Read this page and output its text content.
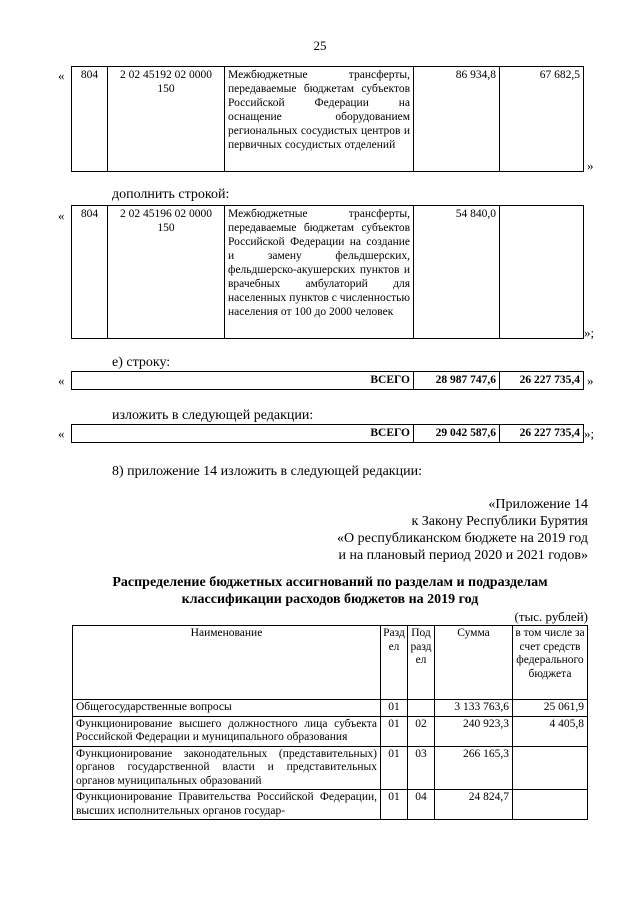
25
« 804	2 02 45192 02 0000 150	Межбюджетные трансферты, передаваемые бюджетам субъектов Российской Федерации на оснащение оборудованием региональных сосудистых центров и первичных сосудистых отделений	86 934,8	67 682,5
»
дополнить строкой:
« 804	2 02 45196 02 0000 150	Межбюджетные трансферты, передаваемые бюджетам субъектов Российской Федерации на создание и замену фельдшерских, фельдшерско-акушерских пунктов и врачебных амбулаторий для населенных пунктов с численностью населения от 100 до 2000 человек	54 840,0	
»;
е) строку:
«	ВСЕГО	28 987 747,6	26 227 735,4 »
изложить в следующей редакции:
«	ВСЕГО	29 042 587,6	26 227 735,4 »;
8) приложение 14 изложить в следующей редакции:
«Приложение 14
к Закону Республики Бурятия
«О республиканском бюджете на 2019 год
и на плановый период 2020 и 2021 годов»
Распределение бюджетных ассигнований по разделам и подразделам
классификации расходов бюджетов на 2019 год
(тыс. рублей)
Наименование	Раздел	Подраздел	Сумма	в том числе за счет средств федерального бюджета
Общегосударственные вопросы	01		3 133 763,6	25 061,9
Функционирование высшего должностного лица субъекта Российской Федерации и муниципального образования	01	02	240 923,3	4 405,8
Функционирование законодательных (представительных) органов государственной власти и представительных органов муниципальных образований	01	03	266 165,3	
Функционирование Правительства Российской Федерации, высших исполнительных органов государ-	01	04	24 824,7	
